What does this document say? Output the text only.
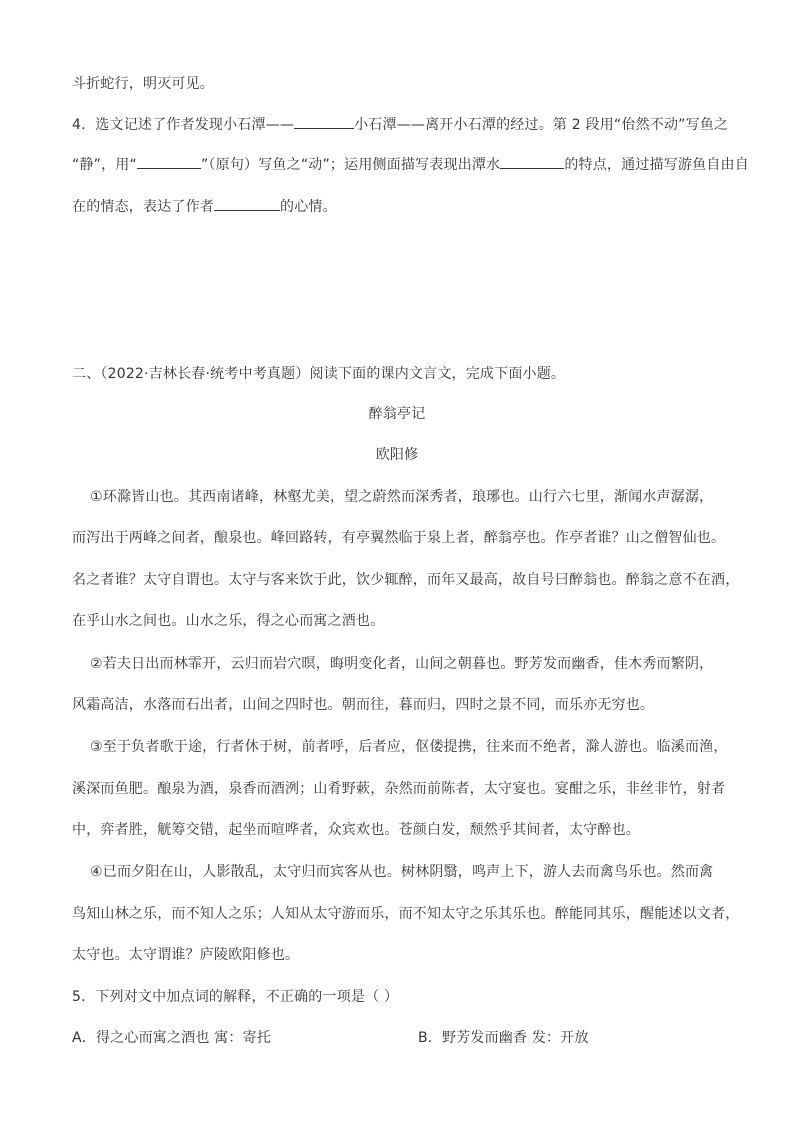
斗折蛇行，明灭可见。
4．选文记述了作者发现小石潭——	小石潭——离开小石潭的经过。第 2 段用“佁然不动”写鱼之
“静”，用“	”（原句）写鱼之“动”；运用侧面描写表现出潭水	的特点，通过描写游鱼自由自
在的情态，表达了作者	的心情。
二、（2022·吉林长春·统考中考真题）阅读下面的课内文言文，完成下面小题。
醉翁亭记
欧阳修
①环滁皆山也。其西南诸峰，林壑尤美，望之蔚然而深秀者，琅琊也。山行六七里，渐闻水声潺潺，
而泻出于两峰之间者，酿泉也。峰回路转，有亭翼然临于泉上者，醉翁亭也。作亭者谁？山之僧智仙也。
名之者谁？太守自谓也。太守与客来饮于此，饮少辄醉，而年又最高，故自号曰醉翁也。醉翁之意不在酒，
在乎山水之间也。山水之乐，得之心而寓之酒也。
②若夫日出而林霏开，云归而岩穴暝，晦明变化者，山间之朝暮也。野芳发而幽香，佳木秀而繁阴，
风霜高洁，水落而石出者，山间之四时也。朝而往，暮而归，四时之景不同，而乐亦无穷也。
③至于负者歌于途，行者休于树，前者呼，后者应，伛偻提携，往来而不绝者，滁人游也。临溪而渔，
溪深而鱼肥。酿泉为酒，泉香而酒洌；山肴野蔌，杂然而前陈者，太守宴也。宴酣之乐，非丝非竹，射者
中，弈者胜，觥筹交错，起坐而喧哗者，众宾欢也。苍颜白发，颓然乎其间者，太守醉也。
④已而夕阳在山，人影散乱，太守归而宾客从也。树林阴翳，鸣声上下，游人去而禽鸟乐也。然而禽
鸟知山林之乐，而不知人之乐；人知从太守游而乐，而不知太守之乐其乐也。醉能同其乐，醒能述以文者，
太守也。太守谓谁？庐陵欧阳修也。
5．下列对文中加点词的解释，不正确的一项是（ ）
A．得之心而寓之酒也 寓：寄托	B．野芳发而幽香 发：开放
